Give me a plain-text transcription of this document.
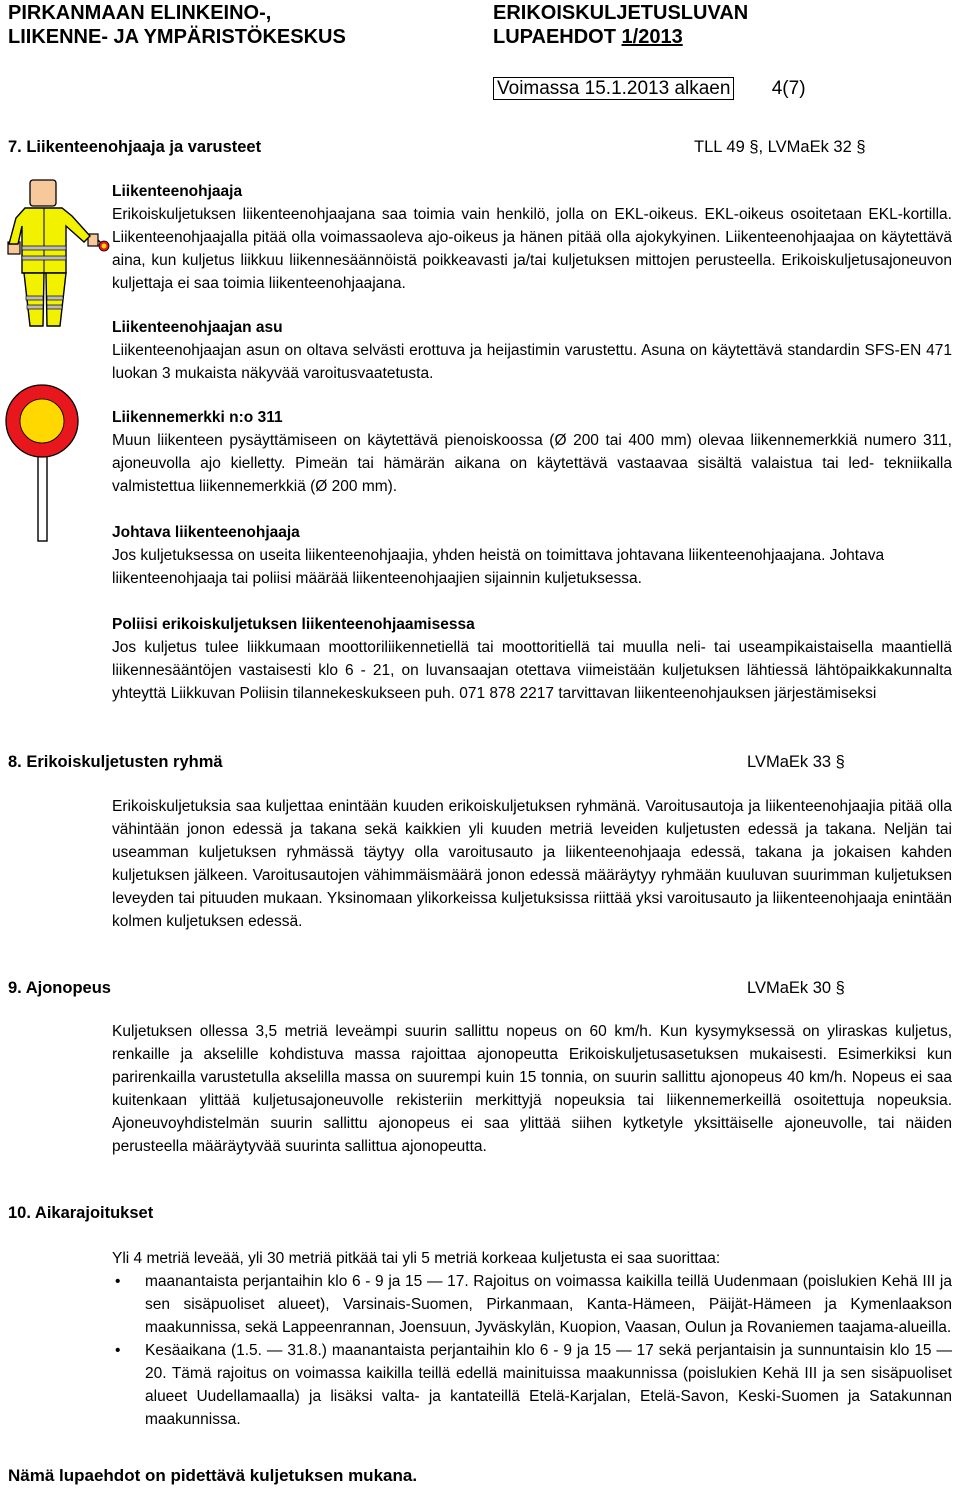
PIRKANMAAN ELINKEINO-,
LIIKENNE- JA YMPÄRISTÖKESKUS
ERIKOISKULJETUSLUVAN
LUPAEHDOT 1/2013
Voimassa 15.1.2013 alkaen 4(7)
7. Liikenteenohjaaja ja varusteet	TLL 49 §, LVMaEk 32 §
Liikenteenohjaaja

Erikoiskuljetuksen liikenteenohjaajana saa toimia vain henkilö, jolla on EKL-oikeus. EKL-oikeus osoitetaan EKL-kortilla. Liikenteenohjaajalla pitää olla voimassaoleva ajo-oikeus ja hänen pitää olla ajokykyinen. Liikenteenohjaajaa on käytettävä aina, kun kuljetus liikkuu liikennesäännöistä poikkeavasti ja/tai kuljetuksen mittojen perusteella. Erikoiskuljetusajoneuvon kuljettaja ei saa toimia liikenteenohjaajana.

Liikenteenohjaajan asu

Liikenteenohjaajan asun on oltava selvästi erottuva ja heijastimin varustettu. Asuna on käytettävä standardin SFS-EN 471 luokan 3 mukaista näkyvää varoitusvaatetusta.

Liikennemerkki n:o 311

Muun liikenteen pysäyttämiseen on käytettävä pienoiskoossa (Ø 200 tai 400 mm) olevaa liikennemerkkiä numero 311, ajoneuvolla ajo kielletty. Pimeän tai hämärän aikana on käytettävä vastaavaa sisältä valaistua tai led- tekniikalla valmistettua liikennemerkkiä (Ø 200 mm).

Johtava liikenteenohjaaja

Jos kuljetuksessa on useita liikenteenohjaajia, yhden heistä on toimittava johtavana liikenteenohjaajana. Johtava liikenteenohjaaja tai poliisi määrää liikenteenohjaajien sijainnin kuljetuksessa.

Poliisi erikoiskuljetuksen liikenteenohjaamisessa

Jos kuljetus tulee liikkumaan moottoriliikennetiellä tai moottoritiellä tai muulla neli- tai useampikaistaisella maantiellä liikennesääntöjen vastaisesti klo 6 - 21, on luvansaajan otettava viimeistään kuljetuksen lähtiessä lähtöpaikkakunnalta yhteyttä Liikkuvan Poliisin tilannekeskukseen puh. 071 878 2217 tarvittavan liikenteenohjauksen järjestämiseksi

8. Erikoiskuljetusten ryhmä	LVMaEk 33 §

Erikoiskuljetuksia saa kuljettaa enintään kuuden erikoiskuljetuksen ryhmänä. Varoitusautoja ja liikenteenohjaajia pitää olla vähintään jonon edessä ja takana sekä kaikkien yli kuuden metriä leveiden kuljetusten edessä ja takana. Neljän tai useamman kuljetuksen ryhmässä täytyy olla varoitusauto ja liikenteenohjaaja edessä, takana ja jokaisen kahden kuljetuksen jälkeen. Varoitusautojen vähimmäismäärä jonon edessä määräytyy ryhmään kuuluvan suurimman kuljetuksen leveyden tai pituuden mukaan. Yksinomaan ylikorkeissa kuljetuksissa riittää yksi varoitusauto ja liikenteenohjaaja enintään kolmen kuljetuksen edessä.

9. Ajonopeus	LVMaEk 30 §

Kuljetuksen ollessa 3,5 metriä leveämpi suurin sallittu nopeus on 60 km/h. Kun kysymyksessä on yliraskas kuljetus, renkaille ja akselille kohdistuva massa rajoittaa ajonopeutta Erikoiskuljetusasetuksen mukaisesti. Esimerkiksi kun parirenkailla varustetulla akselilla massa on suurempi kuin 15 tonnia, on suurin sallittu ajonopeus 40 km/h. Nopeus ei saa kuitenkaan ylittää kuljetusajoneuvolle rekisteriin merkittyjä nopeuksia tai liikennemerkeillä osoitettuja nopeuksia. Ajoneuvoyhdistelmän suurin sallittu ajonopeus ei saa ylittää siihen kytketyle yksittäiselle ajoneuvolle, tai näiden perusteella määräytyvää suurinta sallittua ajonopeutta.

10. Aikarajoitukset

Yli 4 metriä leveää, yli 30 metriä pitkää tai yli 5 metriä korkeaa kuljetusta ei saa suorittaa:

• maanantaista perjantaihin klo 6 - 9 ja 15 — 17. Rajoitus on voimassa kaikilla teillä Uudenmaan (poislukien Kehä III ja sen sisäpuoliset alueet), Varsinais-Suomen, Pirkanmaan, Kanta-Hämeen, Päijät-Hämeen ja Kymenlaakson maakunnissa, sekä Lappeenrannan, Joensuun, Jyväskylän, Kuopion, Vaasan, Oulun ja Rovaniemen taajama-alueilla.
• Kesäaikana (1.5. — 31.8.) maanantaista perjantaihin klo 6 - 9 ja 15 — 17 sekä perjantaisin ja sunnuntaisin klo 15 — 20. Tämä rajoitus on voimassa kaikilla teillä edellä mainituissa maakunnissa (poislukien Kehä III ja sen sisäpuoliset alueet Uudellamaalla) ja lisäksi valta- ja kantateillä Etelä-Karjalan, Etelä-Savon, Keski-Suomen ja Satakunnan maakunnissa.
Nämä lupaehdot on pidettävä kuljetuksen mukana.
